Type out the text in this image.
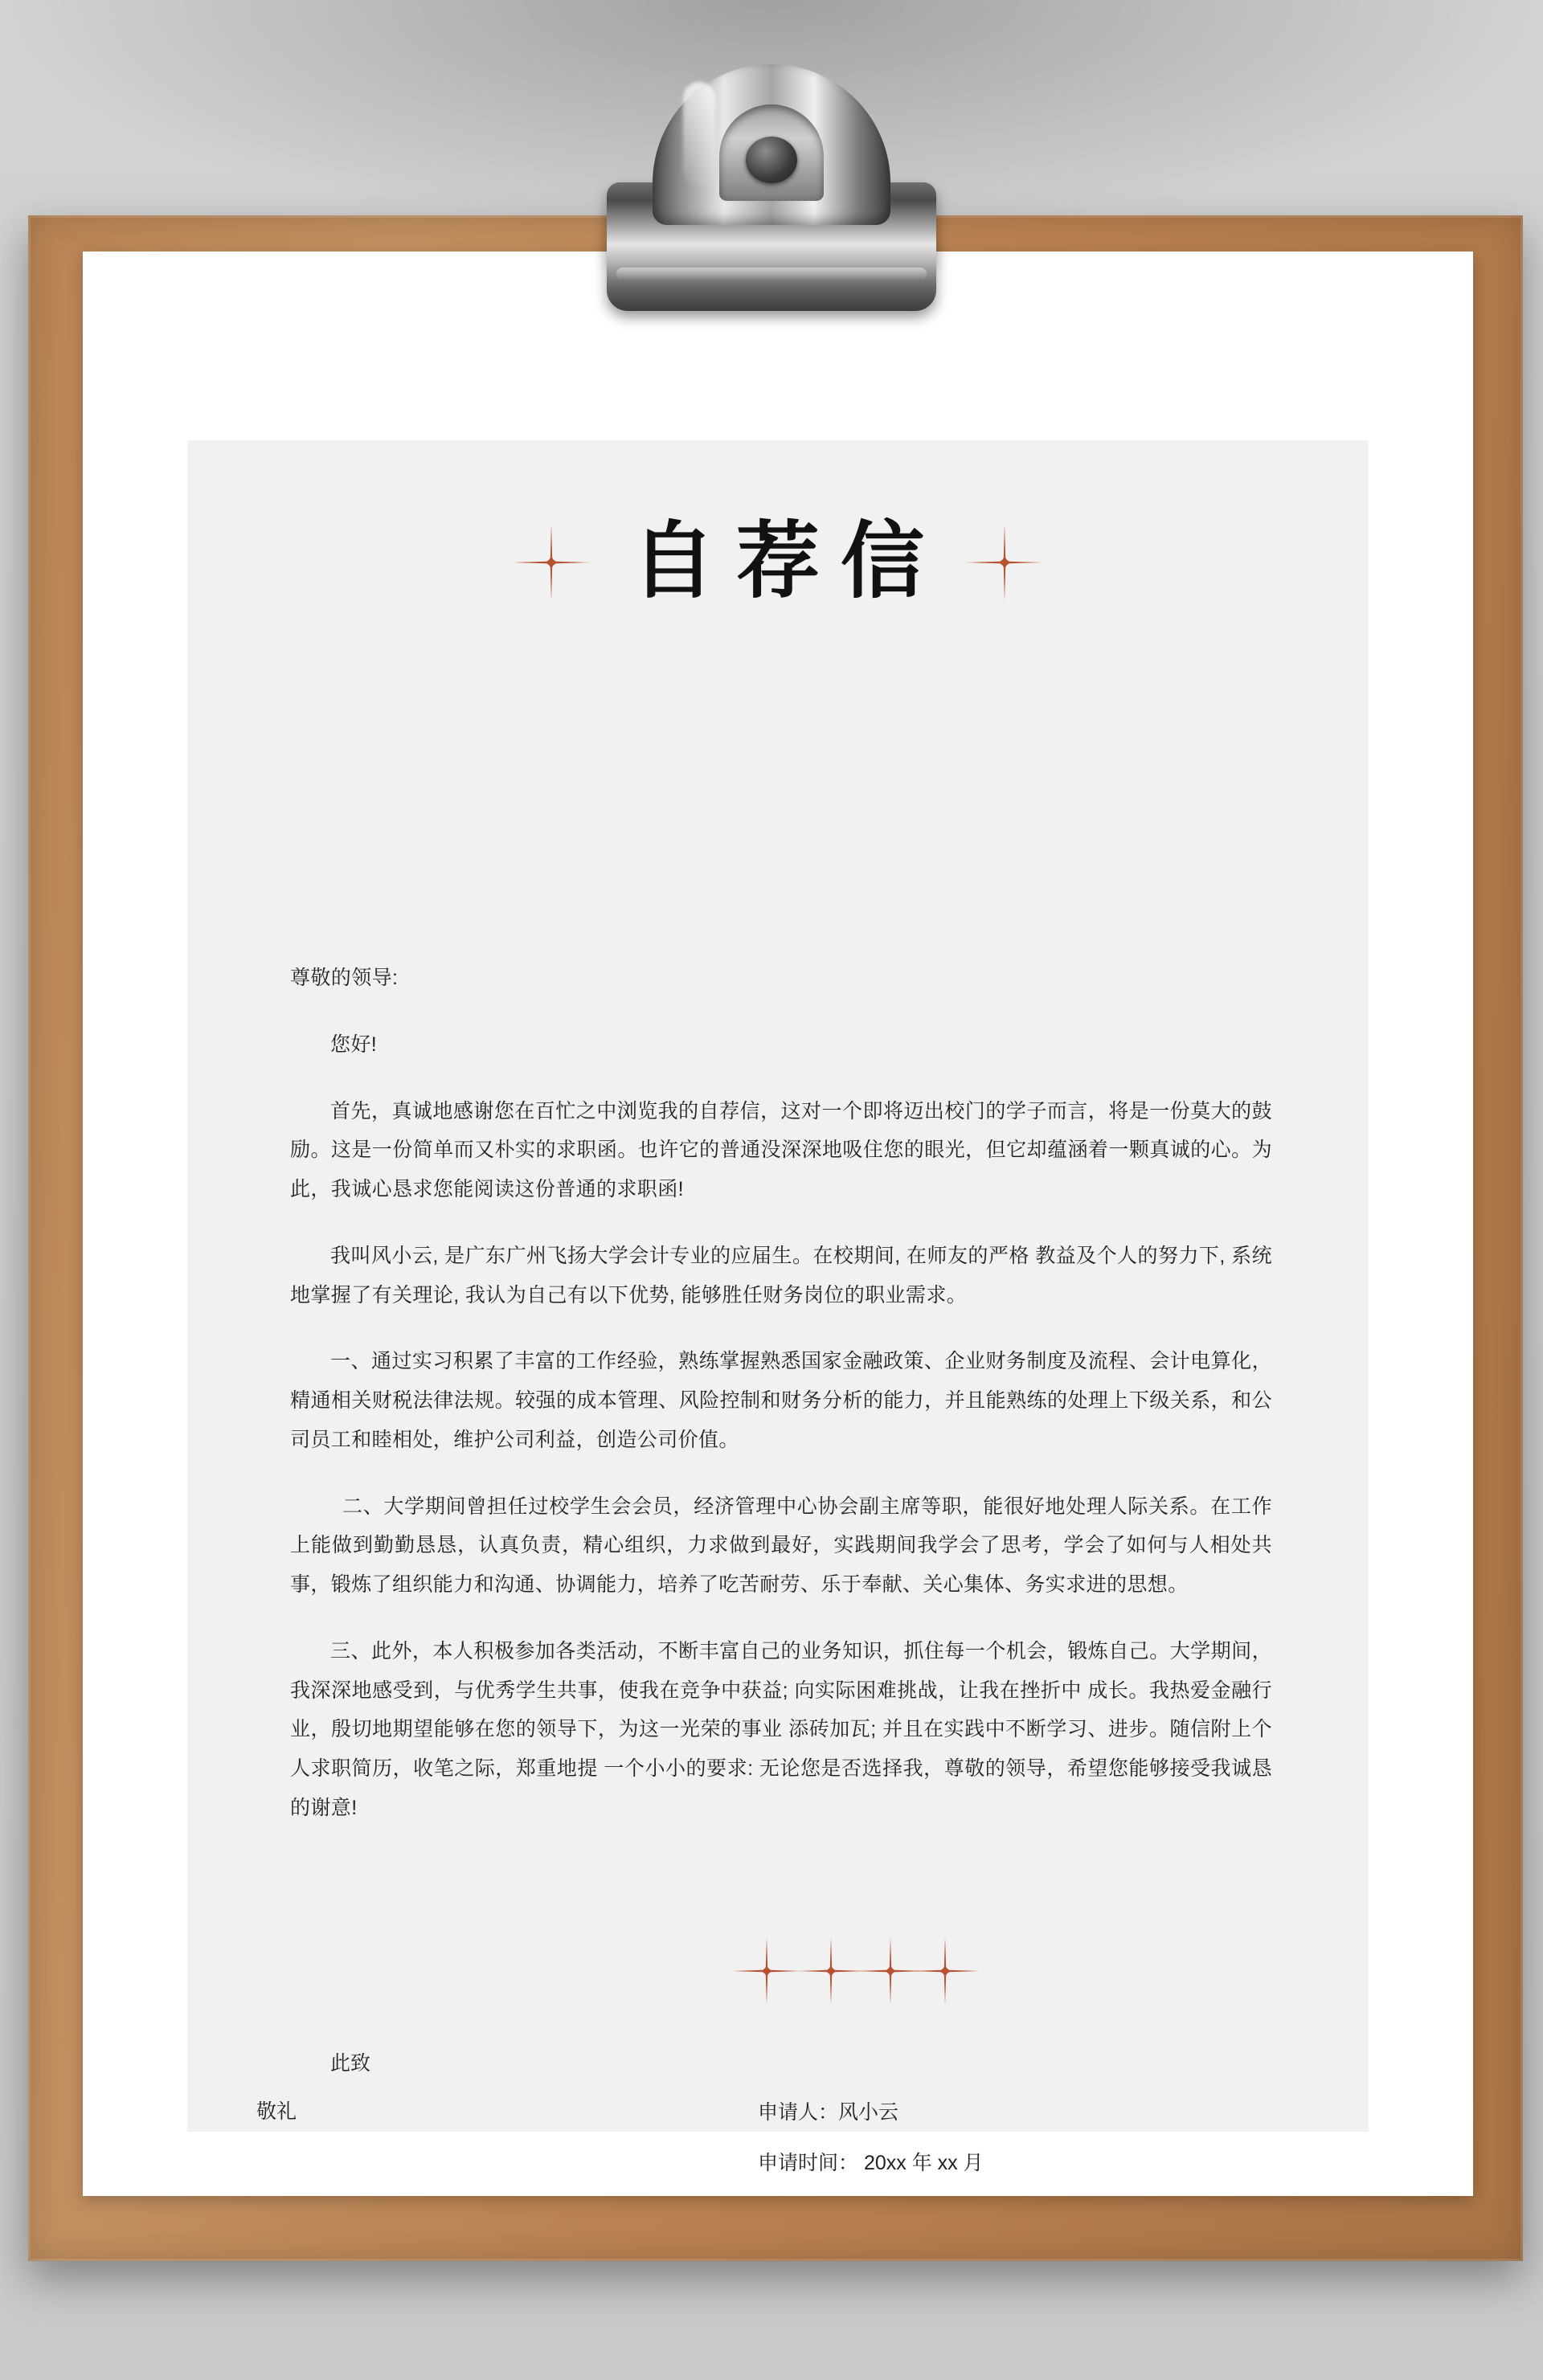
自荐信

尊敬的领导:

您好!

首先，真诚地感谢您在百忙之中浏览我的自荐信，这对一个即将迈出校门的学子而言，将是一份莫大的鼓励。这是一份简单而又朴实的求职函。也许它的普通没深深地吸住您的眼光，但它却蕴涵着一颗真诚的心。为此，我诚心恳求您能阅读这份普通的求职函!

我叫风小云, 是广东广州飞扬大学会计专业的应届生。在校期间, 在师友的严格 教益及个人的努力下, 系统地掌握了有关理论, 我认为自己有以下优势, 能够胜任财务岗位的职业需求。

一、通过实习积累了丰富的工作经验，熟练掌握熟悉国家金融政策、企业财务制度及流程、会计电算化，精通相关财税法律法规。较强的成本管理、风险控制和财务分析的能力，并且能熟练的处理上下级关系，和公司员工和睦相处，维护公司利益，创造公司价值。

二、大学期间曾担任过校学生会会员，经济管理中心协会副主席等职，能很好地处理人际关系。在工作上能做到勤勤恳恳，认真负责，精心组织，力求做到最好，实践期间我学会了思考，学会了如何与人相处共事，锻炼了组织能力和沟通、协调能力，培养了吃苦耐劳、乐于奉献、关心集体、务实求进的思想。

三、此外，本人积极参加各类活动，不断丰富自己的业务知识，抓住每一个机会，锻炼自己。大学期间，我深深地感受到，与优秀学生共事，使我在竞争中获益; 向实际困难挑战，让我在挫折中 成长。我热爱金融行业，殷切地期望能够在您的领导下，为这一光荣的事业 添砖加瓦; 并且在实践中不断学习、进步。随信附上个人求职简历，收笔之际，郑重地提 一个小小的要求: 无论您是否选择我，尊敬的领导，希望您能够接受我诚恳的谢意!

此致
敬礼	申请人：风小云
申请时间： 20xx 年 xx 月
